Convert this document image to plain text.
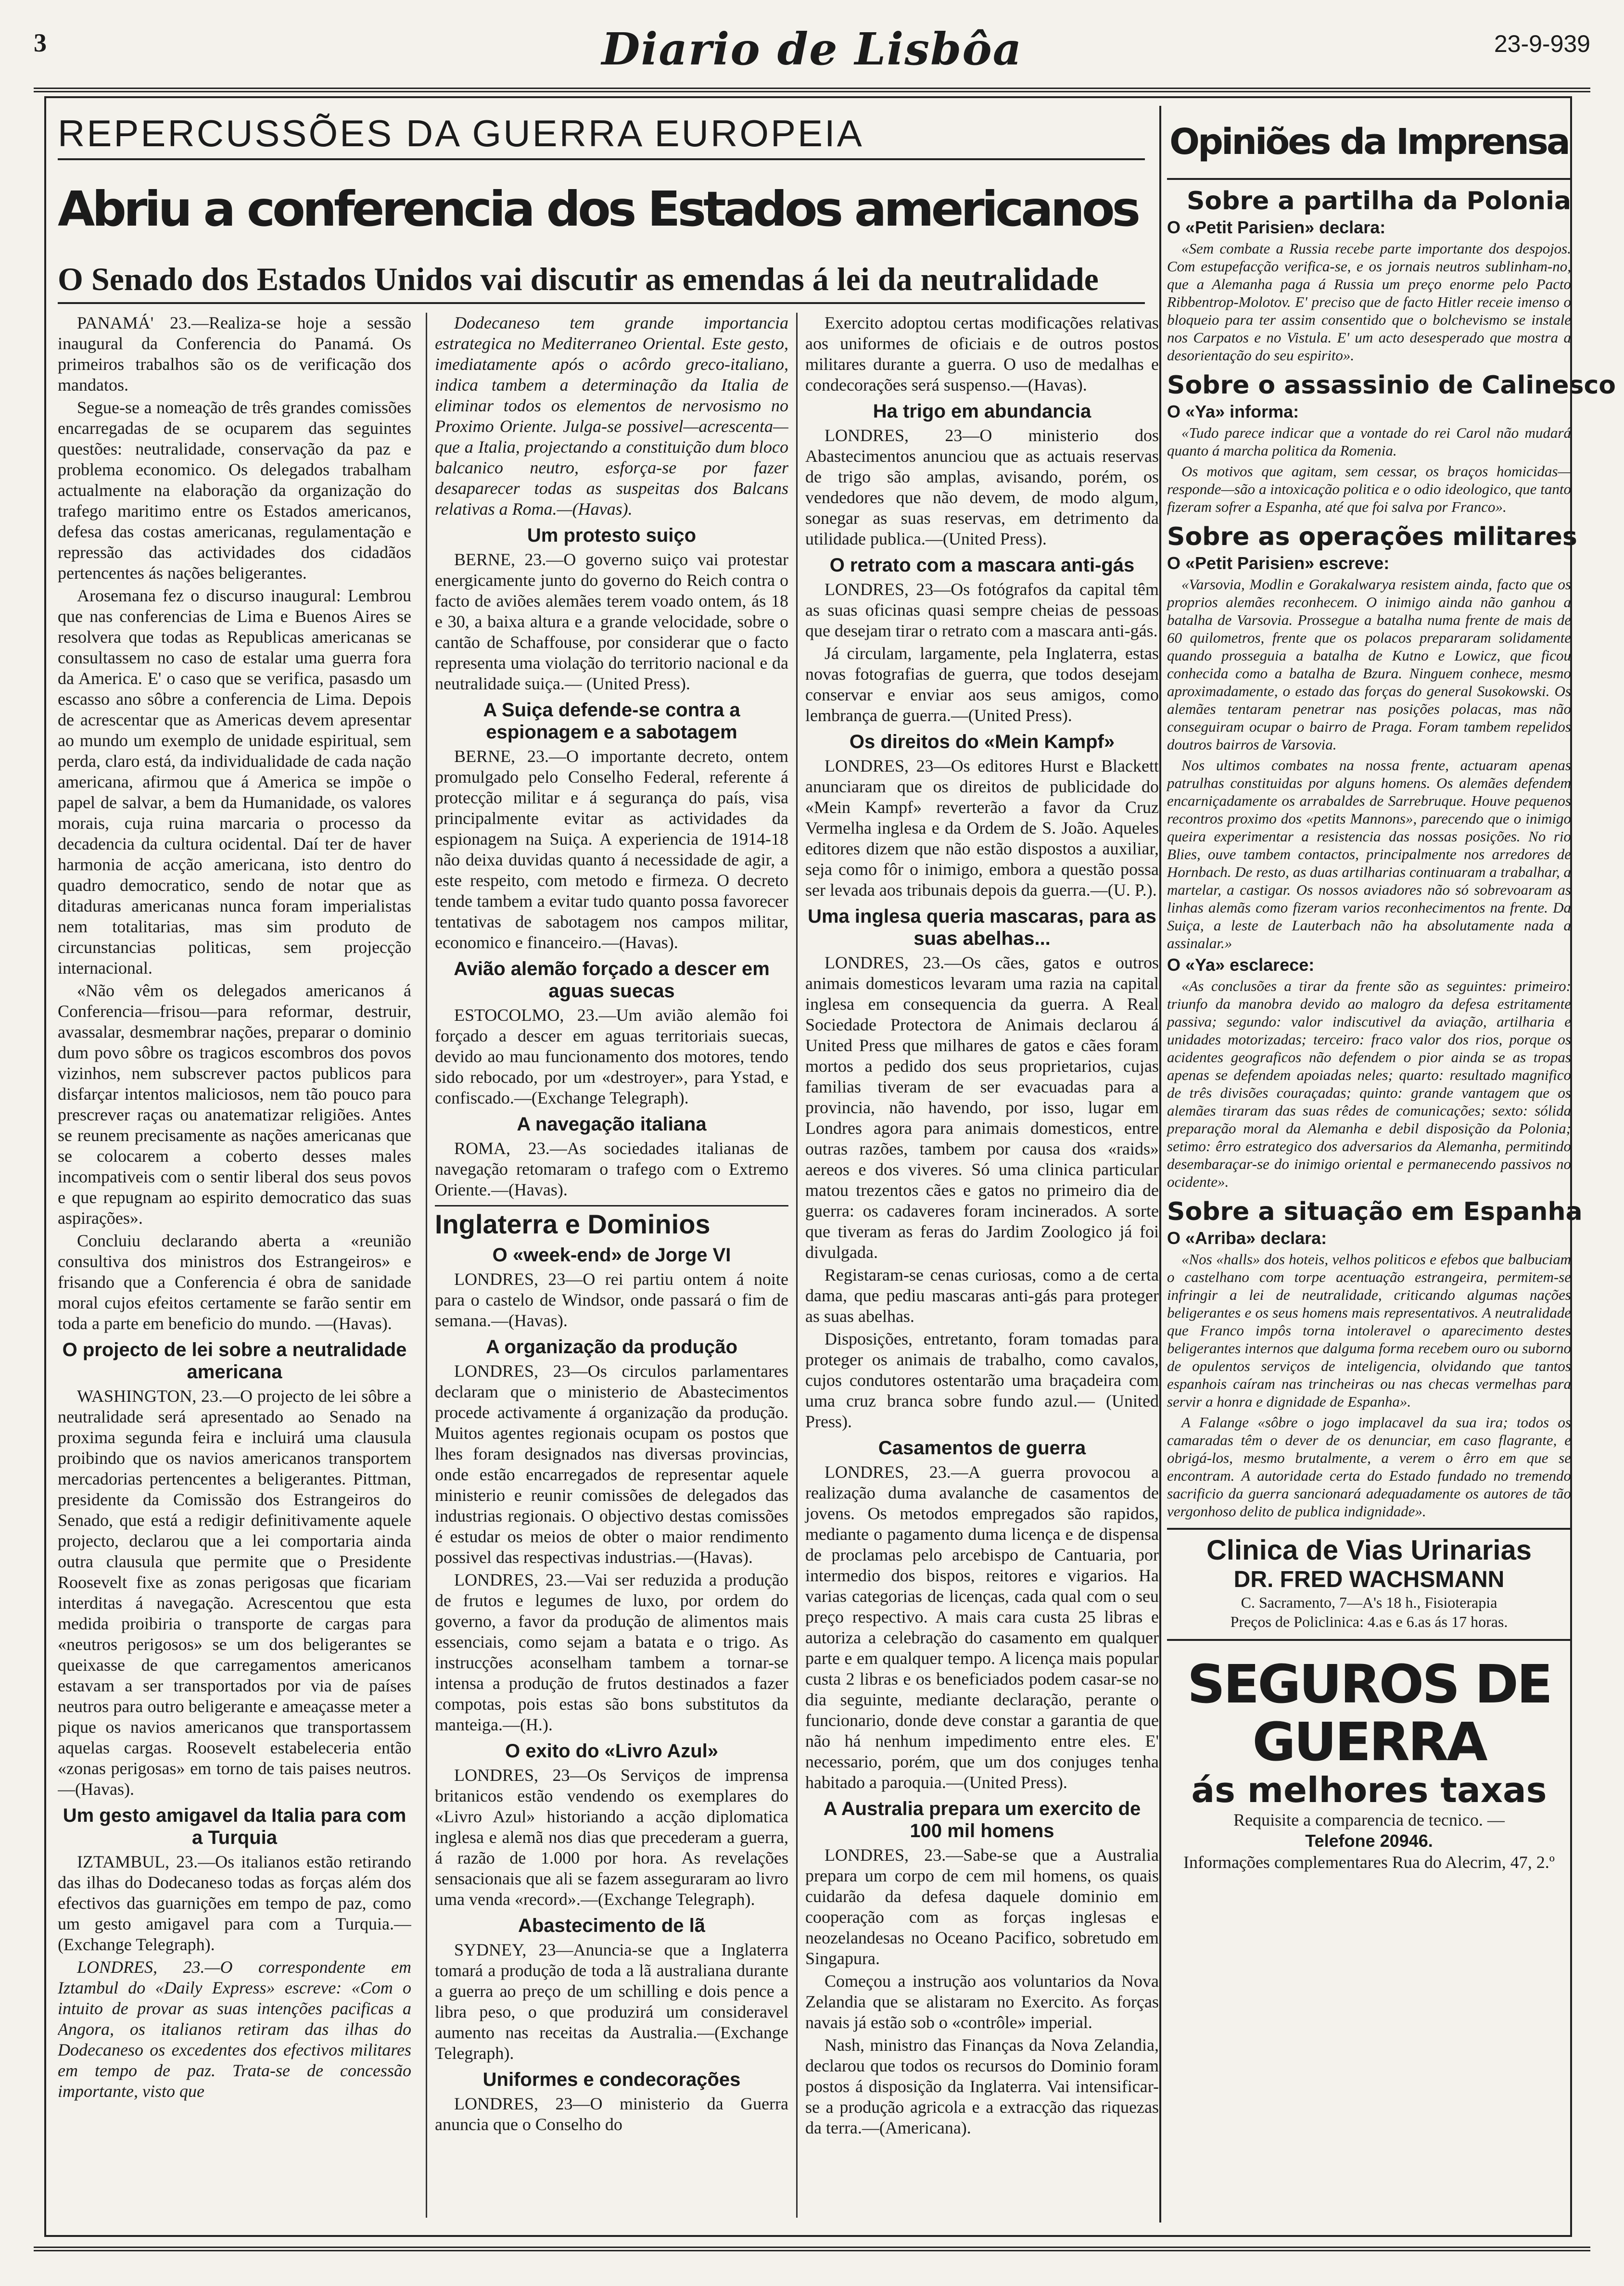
3	Diario de Lisbôa	23-9-939
REPERCUSSÕES DA GUERRA EUROPEIA
Abriu a conferencia dos Estados americanos
O Senado dos Estados Unidos vai discutir as emendas á lei da neutralidade

PANAMÁ' 23.—Realiza-se hoje a sessão inaugural da Conferencia do Panamá. Os primeiros trabalhos são os de verificação dos mandatos.

Segue-se a nomeação de três grandes comissões encarregadas de se ocuparem das seguintes questões: neutralidade, conservação da paz e problema economico. Os delegados trabalham actualmente na elaboração da organização do trafego maritimo entre os Estados americanos, defesa das costas americanas, regulamentação e repressão das actividades dos cidadãos pertencentes ás nações beligerantes.

Arosemana fez o discurso inaugural: Lembrou que nas conferencias de Lima e Buenos Aires se resolvera que todas as Republicas americanas se consultassem no caso de estalar uma guerra fora da America. E' o caso que se verifica, pasasdo um escasso ano sôbre a conferencia de Lima. Depois de acrescentar que as Americas devem apresentar ao mundo um exemplo de unidade espiritual, sem perda, claro está, da individualidade de cada nação americana, afirmou que á America se impõe o papel de salvar, a bem da Humanidade, os valores morais, cuja ruina marcaria o processo da decadencia da cultura ocidental. Daí ter de haver harmonia de acção americana, isto dentro do quadro democratico, sendo de notar que as ditaduras americanas nunca foram imperialistas nem totalitarias, mas sim produto de circunstancias politicas, sem projecção internacional.

«Não vêm os delegados americanos á Conferencia—frisou—para reformar, destruir, avassalar, desmembrar nações, preparar o dominio dum povo sôbre os tragicos escombros dos povos vizinhos, nem subscrever pactos publicos para disfarçar intentos maliciosos, nem tão pouco para prescrever raças ou anatematizar religiões. Antes se reunem precisamente as nações americanas que se colocarem a coberto desses males incompativeis com o sentir liberal dos seus povos e que repugnam ao espirito democratico das suas aspirações».

Concluiu declarando aberta a «reunião consultiva dos ministros dos Estrangeiros» e frisando que a Conferencia é obra de sanidade moral cujos efeitos certamente se farão sentir em toda a parte em beneficio do mundo. —(Havas).

O projecto de lei sobre a neutralidade americana

WASHINGTON, 23.—O projecto de lei sôbre a neutralidade será apresentado ao Senado na proxima segunda feira e incluirá uma clausula proibindo que os navios americanos transportem mercadorias pertencentes a beligerantes. Pittman, presidente da Comissão dos Estrangeiros do Senado, que está a redigir definitivamente aquele projecto, declarou que a lei comportaria ainda outra clausula que permite que o Presidente Roosevelt fixe as zonas perigosas que ficariam interditas á navegação. Acrescentou que esta medida proibiria o transporte de cargas para «neutros perigosos» se um dos beligerantes se queixasse de que carregamentos americanos estavam a ser transportados por via de países neutros para outro beligerante e ameaçasse meter a pique os navios americanos que transportassem aquelas cargas. Roosevelt estabeleceria então «zonas perigosas» em torno de tais paises neutros.—(Havas).

Um gesto amigavel da Italia para com a Turquia

IZTAMBUL, 23.—Os italianos estão retirando das ilhas do Dodecaneso todas as forças além dos efectivos das guarnições em tempo de paz, como um gesto amigavel para com a Turquia.—(Exchange Telegraph).

LONDRES, 23.—O correspondente em Iztambul do «Daily Express» escreve: «Com o intuito de provar as suas intenções pacificas a Angora, os italianos retiram das ilhas do Dodecaneso os excedentes dos efectivos militares em tempo de paz. Trata-se de concessão importante, visto que

Dodecaneso tem grande importancia estrategica no Mediterraneo Oriental. Este gesto, imediatamente após o acôrdo greco-italiano, indica tambem a determinação da Italia de eliminar todos os elementos de nervosismo no Proximo Oriente. Julga-se possivel—acrescenta—que a Italia, projectando a constituição dum bloco balcanico neutro, esforça-se por fazer desaparecer todas as suspeitas dos Balcans relativas a Roma.—(Havas).

Um protesto suiço

BERNE, 23.—O governo suiço vai protestar energicamente junto do governo do Reich contra o facto de aviões alemães terem voado ontem, ás 18 e 30, a baixa altura e a grande velocidade, sobre o cantão de Schaffouse, por considerar que o facto representa uma violação do territorio nacional e da neutralidade suiça.— (United Press).

A Suiça defende-se contra a espionagem e a sabotagem

BERNE, 23.—O importante decreto, ontem promulgado pelo Conselho Federal, referente á protecção militar e á segurança do país, visa principalmente evitar as actividades da espionagem na Suiça. A experiencia de 1914-18 não deixa duvidas quanto á necessidade de agir, a este respeito, com metodo e firmeza. O decreto tende tambem a evitar tudo quanto possa favorecer tentativas de sabotagem nos campos militar, economico e financeiro.—(Havas).

Avião alemão forçado a descer em aguas suecas

ESTOCOLMO, 23.—Um avião alemão foi forçado a descer em aguas territoriais suecas, devido ao mau funcionamento dos motores, tendo sido rebocado, por um «destroyer», para Ystad, e confiscado.—(Exchange Telegraph).

A navegação italiana

ROMA, 23.—As sociedades italianas de navegação retomaram o trafego com o Extremo Oriente.—(Havas).

Inglaterra e Dominios
O «week-end» de Jorge VI

LONDRES, 23—O rei partiu ontem á noite para o castelo de Windsor, onde passará o fim de semana.—(Havas).

A organização da produção

LONDRES, 23—Os circulos parlamentares declaram que o ministerio de Abastecimentos procede activamente á organização da produção. Muitos agentes regionais ocupam os postos que lhes foram designados nas diversas provincias, onde estão encarregados de representar aquele ministerio e reunir comissões de delegados das industrias regionais. O objectivo destas comissões é estudar os meios de obter o maior rendimento possivel das respectivas industrias.—(Havas).

LONDRES, 23.—Vai ser reduzida a produção de frutos e legumes de luxo, por ordem do governo, a favor da produção de alimentos mais essenciais, como sejam a batata e o trigo. As instrucções aconselham tambem a tornar-se intensa a produção de frutos destinados a fazer compotas, pois estas são bons substitutos da manteiga.—(H.).

O exito do «Livro Azul»

LONDRES, 23—Os Serviços de imprensa britanicos estão vendendo os exemplares do «Livro Azul» historiando a acção diplomatica inglesa e alemã nos dias que precederam a guerra, á razão de 1.000 por hora. As revelações sensacionais que ali se fazem asseguraram ao livro uma venda «record».—(Exchange Telegraph).

Abastecimento de lã

SYDNEY, 23—Anuncia-se que a Inglaterra tomará a produção de toda a lã australiana durante a guerra ao preço de um schilling e dois pence a libra peso, o que produzirá um consideravel aumento nas receitas da Australia.—(Exchange Telegraph).

Uniformes e condecorações

LONDRES, 23—O ministerio da Guerra anuncia que o Conselho do

Exercito adoptou certas modificações relativas aos uniformes de oficiais e de outros postos militares durante a guerra. O uso de medalhas e condecorações será suspenso.—(Havas).

Ha trigo em abundancia

LONDRES, 23—O ministerio dos Abastecimentos anunciou que as actuais reservas de trigo são amplas, avisando, porém, os vendedores que não devem, de modo algum, sonegar as suas reservas, em detrimento da utilidade publica.—(United Press).

O retrato com a mascara anti-gás

LONDRES, 23—Os fotógrafos da capital têm as suas oficinas quasi sempre cheias de pessoas que desejam tirar o retrato com a mascara anti-gás.

Já circulam, largamente, pela Inglaterra, estas novas fotografias de guerra, que todos desejam conservar e enviar aos seus amigos, como lembrança de guerra.—(United Press).

Os direitos do «Mein Kampf»

LONDRES, 23—Os editores Hurst e Blackett anunciaram que os direitos de publicidade do «Mein Kampf» reverterão a favor da Cruz Vermelha inglesa e da Ordem de S. João. Aqueles editores dizem que não estão dispostos a auxiliar, seja como fôr o inimigo, embora a questão possa ser levada aos tribunais depois da guerra.—(U. P.).

Uma inglesa queria mascaras, para as suas abelhas...

LONDRES, 23.—Os cães, gatos e outros animais domesticos levaram uma razia na capital inglesa em consequencia da guerra. A Real Sociedade Protectora de Animais declarou á United Press que milhares de gatos e cães foram mortos a pedido dos seus proprietarios, cujas familias tiveram de ser evacuadas para a provincia, não havendo, por isso, lugar em Londres agora para animais domesticos, entre outras razões, tambem por causa dos «raids» aereos e dos viveres. Só uma clinica particular matou trezentos cães e gatos no primeiro dia de guerra: os cadaveres foram incinerados. A sorte que tiveram as feras do Jardim Zoologico já foi divulgada.

Registaram-se cenas curiosas, como a de certa dama, que pediu mascaras anti-gás para proteger as suas abelhas.

Disposições, entretanto, foram tomadas para proteger os animais de trabalho, como cavalos, cujos condutores ostentarão uma braçadeira com uma cruz branca sobre fundo azul.— (United Press).

Casamentos de guerra

LONDRES, 23.—A guerra provocou a realização duma avalanche de casamentos de jovens. Os metodos empregados são rapidos, mediante o pagamento duma licença e de dispensa de proclamas pelo arcebispo de Cantuaria, por intermedio dos bispos, reitores e vigarios. Ha varias categorias de licenças, cada qual com o seu preço respectivo. A mais cara custa 25 libras e autoriza a celebração do casamento em qualquer parte e em qualquer tempo. A licença mais popular custa 2 libras e os beneficiados podem casar-se no dia seguinte, mediante declaração, perante o funcionario, donde deve constar a garantia de que não há nenhum impedimento entre eles. E' necessario, porém, que um dos conjuges tenha habitado a paroquia.—(United Press).

A Australia prepara um exercito de 100 mil homens

LONDRES, 23.—Sabe-se que a Australia prepara um corpo de cem mil homens, os quais cuidarão da defesa daquele dominio em cooperação com as forças inglesas e neozelandesas no Oceano Pacifico, sobretudo em Singapura.

Começou a instrução aos voluntarios da Nova Zelandia que se alistaram no Exercito. As forças navais já estão sob o «contrôle» imperial.

Nash, ministro das Finanças da Nova Zelandia, declarou que todos os recursos do Dominio foram postos á disposição da Inglaterra. Vai intensificar-se a produção agricola e a extracção das riquezas da terra.—(Americana).

Opiniões da Imprensa
Sobre a partilha da Polonia
O «Petit Parisien» declara:

«Sem combate a Russia recebe parte importante dos despojos. Com estupefacção verifica-se, e os jornais neutros sublinham-no, que a Alemanha paga á Russia um preço enorme pelo Pacto Ribbentrop-Molotov. E' preciso que de facto Hitler receie imenso o bloqueio para ter assim consentido que o bolchevismo se instale nos Carpatos e no Vistula. E' um acto desesperado que mostra a desorientação do seu espirito».

Sobre o assassinio de Calinesco
O «Ya» informa:

«Tudo parece indicar que a vontade do rei Carol não mudará quanto á marcha politica da Romenia.

Os motivos que agitam, sem cessar, os braços homicidas—responde—são a intoxicação politica e o odio ideologico, que tanto fizeram sofrer a Espanha, até que foi salva por Franco».

Sobre as operações militares
O «Petit Parisien» escreve:

«Varsovia, Modlin e Gorakalwarya resistem ainda, facto que os proprios alemães reconhecem. O inimigo ainda não ganhou a batalha de Varsovia. Prossegue a batalha numa frente de mais de 60 quilometros, frente que os polacos prepararam solidamente quando prosseguia a batalha de Kutno e Lowicz, que ficou conhecida como a batalha de Bzura. Ninguem conhece, mesmo aproximadamente, o estado das forças do general Susokowski. Os alemães tentaram penetrar nas posições polacas, mas não conseguiram ocupar o bairro de Praga. Foram tambem repelidos doutros bairros de Varsovia.

Nos ultimos combates na nossa frente, actuaram apenas patrulhas constituidas por alguns homens. Os alemães defendem encarniçadamente os arrabaldes de Sarrebruque. Houve pequenos recontros proximo dos «petits Mannons», parecendo que o inimigo queira experimentar a resistencia das nossas posições. No rio Blies, ouve tambem contactos, principalmente nos arredores de Hornbach. De resto, as duas artilharias continuaram a trabalhar, a martelar, a castigar. Os nossos aviadores não só sobrevoaram as linhas alemãs como fizeram varios reconhecimentos na frente. Da Suiça, a leste de Lauterbach não ha absolutamente nada a assinalar.»

O «Ya» esclarece:

«As conclusões a tirar da frente são as seguintes: primeiro: triunfo da manobra devido ao malogro da defesa estritamente passiva; segundo: valor indiscutivel da aviação, artilharia e unidades motorizadas; terceiro: fraco valor dos rios, porque os acidentes geograficos não defendem o pior ainda se as tropas apenas se defendem apoiadas neles; quarto: resultado magnifico de três divisões couraçadas; quinto: grande vantagem que os alemães tiraram das suas rêdes de comunicações; sexto: sólida preparação moral da Alemanha e debil disposição da Polonia; setimo: êrro estrategico dos adversarios da Alemanha, permitindo desembaraçar-se do inimigo oriental e permanecendo passivos no ocidente».

Sobre a situação em Espanha
O «Arriba» declara:

«Nos «halls» dos hoteis, velhos politicos e efebos que balbuciam o castelhano com torpe acentuação estrangeira, permitem-se infringir a lei de neutralidade, criticando algumas nações beligerantes e os seus homens mais representativos. A neutralidade que Franco impôs torna intoleravel o aparecimento destes beligerantes internos que dalguma forma recebem ouro ou suborno de opulentos serviços de inteligencia, olvidando que tantos espanhois caíram nas trincheiras ou nas checas vermelhas para servir a honra e dignidade de Espanha».

A Falange «sôbre o jogo implacavel da sua ira; todos os camaradas têm o dever de os denunciar, em caso flagrante, e obrigá-los, mesmo brutalmente, a verem o êrro em que se encontram. A autoridade certa do Estado fundado no tremendo sacrificio da guerra sancionará adequadamente os autores de tão vergonhoso delito de publica indignidade».

Clinica de Vias Urinarias
DR. FRED WACHSMANN
C. Sacramento, 7—A's 18 h., Fisioterapia
Preços de Policlinica: 4.as e 6.as ás 17 horas.
SEGUROS DE GUERRA
ás melhores taxas
Requisite a comparencia de tecnico. —
Telefone 20946.
Informações complementares Rua do Alecrim, 47, 2.º
